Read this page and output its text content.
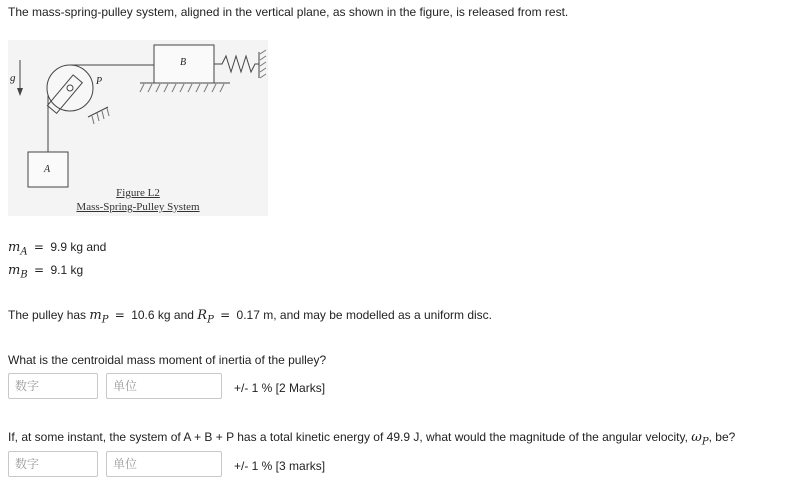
The mass-spring-pulley system, aligned in the vertical plane, as shown in the figure, is released from rest.
g	P
A
B
Figure L2
Mass-Spring-Pulley System
$m_A = 9.9$ kg and
$m_B = 9.1$ kg
The pulley has $m_P = 10.6$ kg and $R_P = 0.17$ m, and may be modelled as a uniform disc.
What is the centroidal mass moment of inertia of the pulley?
数字
单位
+/- 1 % [2 Marks]
If, at some instant, the system of A + B + P has a total kinetic energy of 49.9 J, what would the magnitude of the angular velocity, $\omega_P$, be?
数字
单位
+/- 1 % [3 marks]
